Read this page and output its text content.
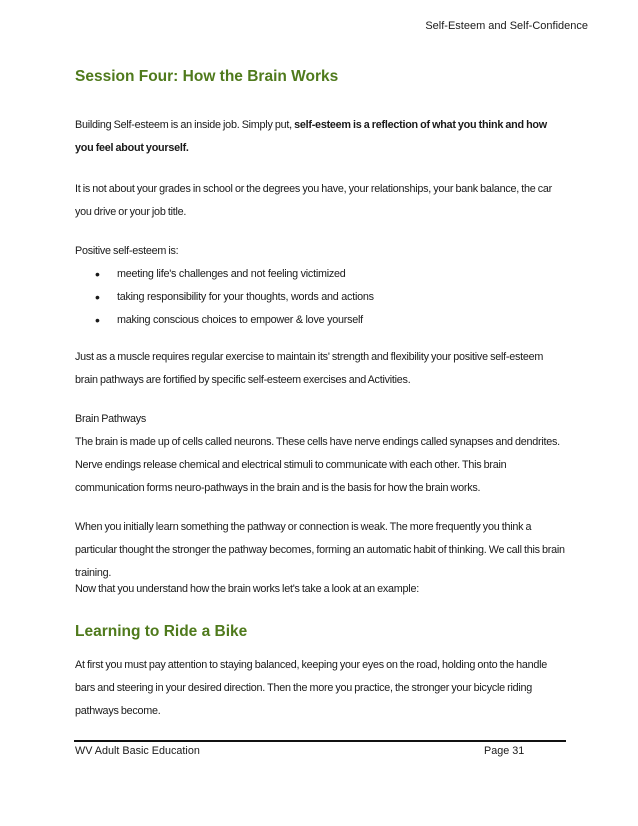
Self-Esteem and Self-Confidence
Session Four: How the Brain Works
Building Self-esteem is an inside job. Simply put, self-esteem is a reflection of what you think and how you feel about yourself.
It is not about your grades in school or the degrees you have, your relationships, your bank balance, the car you drive or your job title.
Positive self-esteem is:
• meeting life's challenges and not feeling victimized
• taking responsibility for your thoughts, words and actions
• making conscious choices to empower & love yourself
Just as a muscle requires regular exercise to maintain its' strength and flexibility your positive self-esteem brain pathways are fortified by specific self-esteem exercises and Activities.
Brain Pathways
The brain is made up of cells called neurons. These cells have nerve endings called synapses and dendrites. Nerve endings release chemical and electrical stimuli to communicate with each other. This brain communication forms neuro-pathways in the brain and is the basis for how the brain works.
When you initially learn something the pathway or connection is weak. The more frequently you think a particular thought the stronger the pathway becomes, forming an automatic habit of thinking. We call this brain training.
Now that you understand how the brain works let's take a look at an example:
Learning to Ride a Bike
At first you must pay attention to staying balanced, keeping your eyes on the road, holding onto the handle bars and steering in your desired direction. Then the more you practice, the stronger your bicycle riding pathways become.
WV Adult Basic Education	Page 31
